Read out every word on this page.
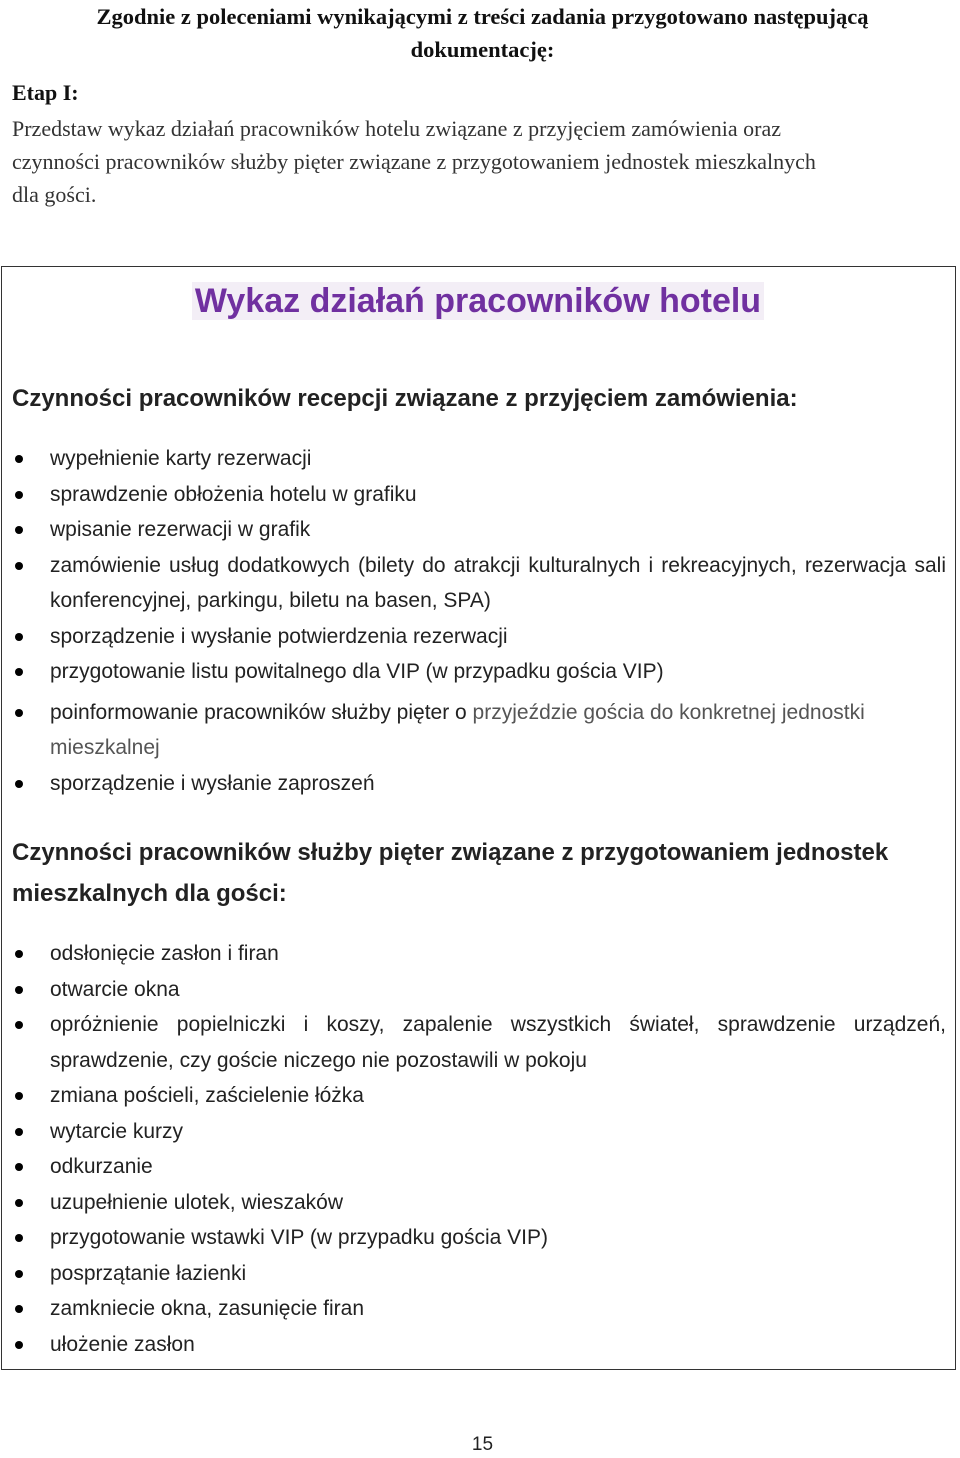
Zgodnie z poleceniami wynikającymi z treści zadania przygotowano następującą
dokumentację:
Etap I:
Przedstaw wykaz działań pracowników hotelu związane z przyjęciem zamówienia oraz
czynności pracowników służby pięter związane z przygotowaniem jednostek mieszkalnych
dla gości.
Wykaz działań pracowników hotelu
Czynności pracowników recepcji związane z przyjęciem zamówienia:
wypełnienie karty rezerwacji
sprawdzenie obłożenia hotelu w grafiku
wpisanie rezerwacji w grafik
zamówienie usług dodatkowych (bilety do atrakcji kulturalnych i rekreacyjnych, rezerwacja sali konferencyjnej, parkingu, biletu na basen, SPA)
sporządzenie i wysłanie potwierdzenia rezerwacji
przygotowanie listu powitalnego dla VIP (w przypadku gościa VIP)
poinformowanie pracowników służby pięter o przyjeździe gościa do konkretnej jednostki mieszkalnej
sporządzenie i wysłanie zaproszeń
Czynności pracowników służby pięter związane z przygotowaniem jednostek
mieszkalnych dla gości:
odsłonięcie zasłon i firan
otwarcie okna
opróżnienie popielniczki i koszy, zapalenie wszystkich świateł, sprawdzenie urządzeń, sprawdzenie, czy goście niczego nie pozostawili w pokoju
zmiana pościeli, zaścielenie łóżka
wytarcie kurzy
odkurzanie
uzupełnienie ulotek, wieszaków
przygotowanie wstawki VIP (w przypadku gościa VIP)
posprzątanie łazienki
zamkniecie okna, zasunięcie firan
ułożenie zasłon
15
